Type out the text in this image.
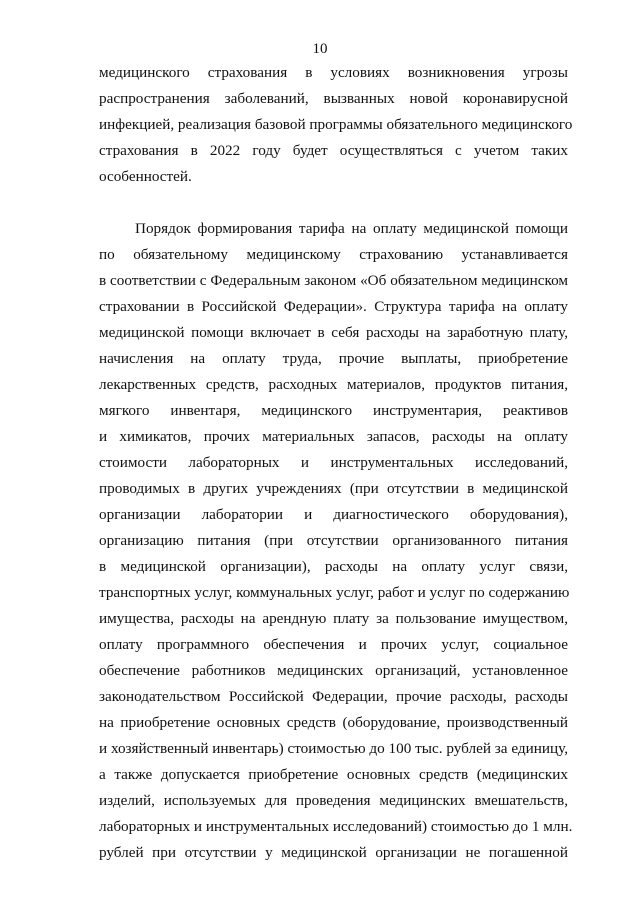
10
медицинского страхования в условиях возникновения угрозы
распространения заболеваний, вызванных новой коронавирусной
инфекцией, реализация базовой программы обязательного медицинского
страхования в 2022 году будет осуществляться с учетом таких
особенностей.
Порядок формирования тарифа на оплату медицинской помощи
по обязательному медицинскому страхованию устанавливается
в соответствии с Федеральным законом «Об обязательном медицинском
страховании в Российской Федерации». Структура тарифа на оплату
медицинской помощи включает в себя расходы на заработную плату,
начисления на оплату труда, прочие выплаты, приобретение
лекарственных средств, расходных материалов, продуктов питания,
мягкого инвентаря, медицинского инструментария, реактивов
и химикатов, прочих материальных запасов, расходы на оплату
стоимости лабораторных и инструментальных исследований,
проводимых в других учреждениях (при отсутствии в медицинской
организации лаборатории и диагностического оборудования),
организацию питания (при отсутствии организованного питания
в медицинской организации), расходы на оплату услуг связи,
транспортных услуг, коммунальных услуг, работ и услуг по содержанию
имущества, расходы на арендную плату за пользование имуществом,
оплату программного обеспечения и прочих услуг, социальное
обеспечение работников медицинских организаций, установленное
законодательством Российской Федерации, прочие расходы, расходы
на приобретение основных средств (оборудование, производственный
и хозяйственный инвентарь) стоимостью до 100 тыс. рублей за единицу,
а также допускается приобретение основных средств (медицинских
изделий, используемых для проведения медицинских вмешательств,
лабораторных и инструментальных исследований) стоимостью до 1 млн.
рублей при отсутствии у медицинской организации не погашенной
